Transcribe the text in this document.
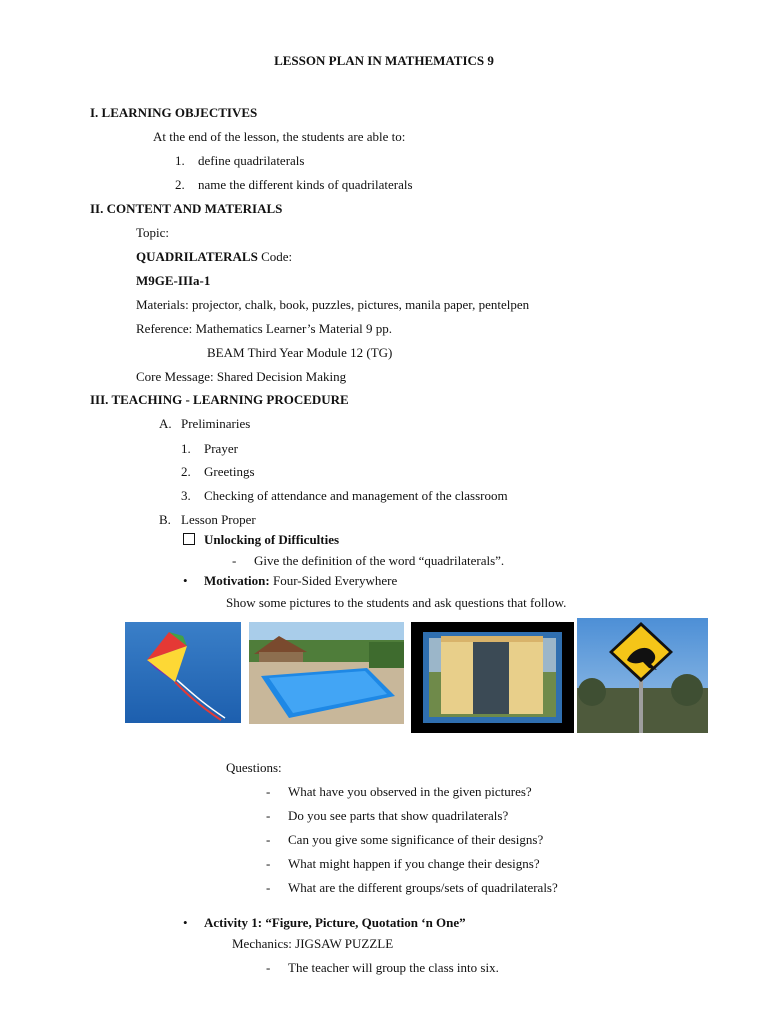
LESSON PLAN IN MATHEMATICS 9
I. LEARNING OBJECTIVES
At the end of the lesson, the students are able to:
1. define quadrilaterals
2. name the different kinds of quadrilaterals
II. CONTENT AND MATERIALS
Topic:
QUADRILATERALS Code:
M9GE-IIIa-1
Materials: projector, chalk, book, puzzles, pictures, manila paper, pentelpen
Reference: Mathematics Learner’s Material 9 pp.
BEAM Third Year Module 12 (TG)
Core Message: Shared Decision Making
III. TEACHING - LEARNING PROCEDURE
A. Preliminaries
1. Prayer
2. Greetings
3. Checking of attendance and management of the classroom
B. Lesson Proper
Unlocking of Difficulties
- Give the definition of the word “quadrilaterals”.
• Motivation: Four-Sided Everywhere
Show some pictures to the students and ask questions that follow.
Questions:
- What have you observed in the given pictures?
- Do you see parts that show quadrilaterals?
- Can you give some significance of their designs?
- What might happen if you change their designs?
- What are the different groups/sets of quadrilaterals?
• Activity 1: “Figure, Picture, Quotation ‘n One”
Mechanics: JIGSAW PUZZLE
- The teacher will group the class into six.
